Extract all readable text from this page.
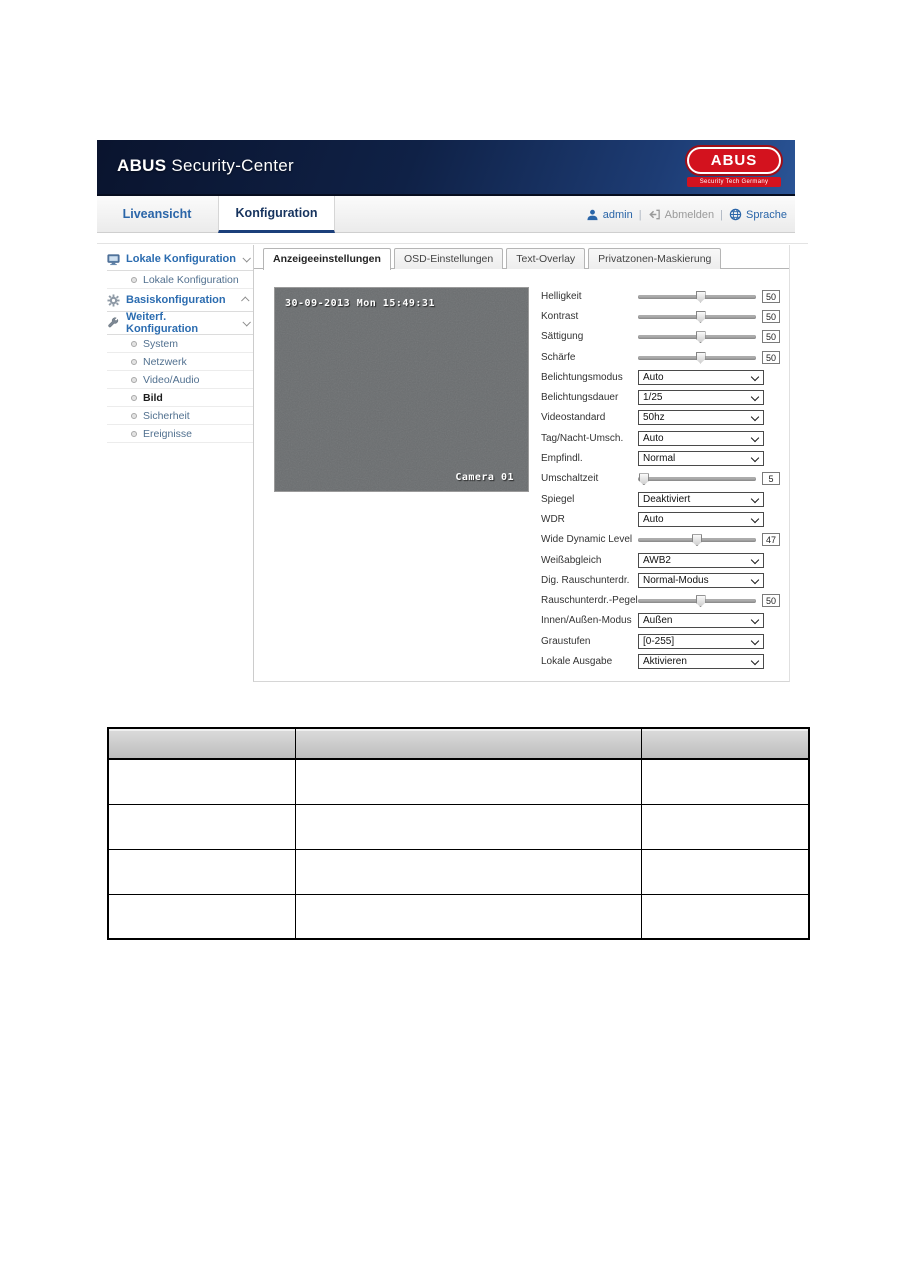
ABUS Security-Center	ABUS
Security Tech Germany
Liveansicht	Konfiguration	admin | Abmelden | Sprache
Lokale Konfiguration
Lokale Konfiguration
Basiskonfiguration
Weiterf. Konfiguration
System
Netzwerk
Video/Audio
Bild
Sicherheit
Ereignisse
Anzeigeeinstellungen	OSD-Einstellungen	Text-Overlay	Privatzonen-Maskierung
30-09-2013 Mon 15:49:31
Camera 01
Helligkeit	50
Kontrast	50
Sättigung	50
Schärfe	50
Belichtungsmodus	Auto
Belichtungsdauer	1/25
Videostandard	50hz
Tag/Nacht-Umsch.	Auto
Empfindl.	Normal
Umschaltzeit	5
Spiegel	Deaktiviert
WDR	Auto
Wide Dynamic Level	47
Weißabgleich	AWB2
Dig. Rauschunterdr.	Normal-Modus
Rauschunterdr.-Pegel	50
Innen/Außen-Modus	Außen
Graustufen	[0-255]
Lokale Ausgabe	Aktivieren
